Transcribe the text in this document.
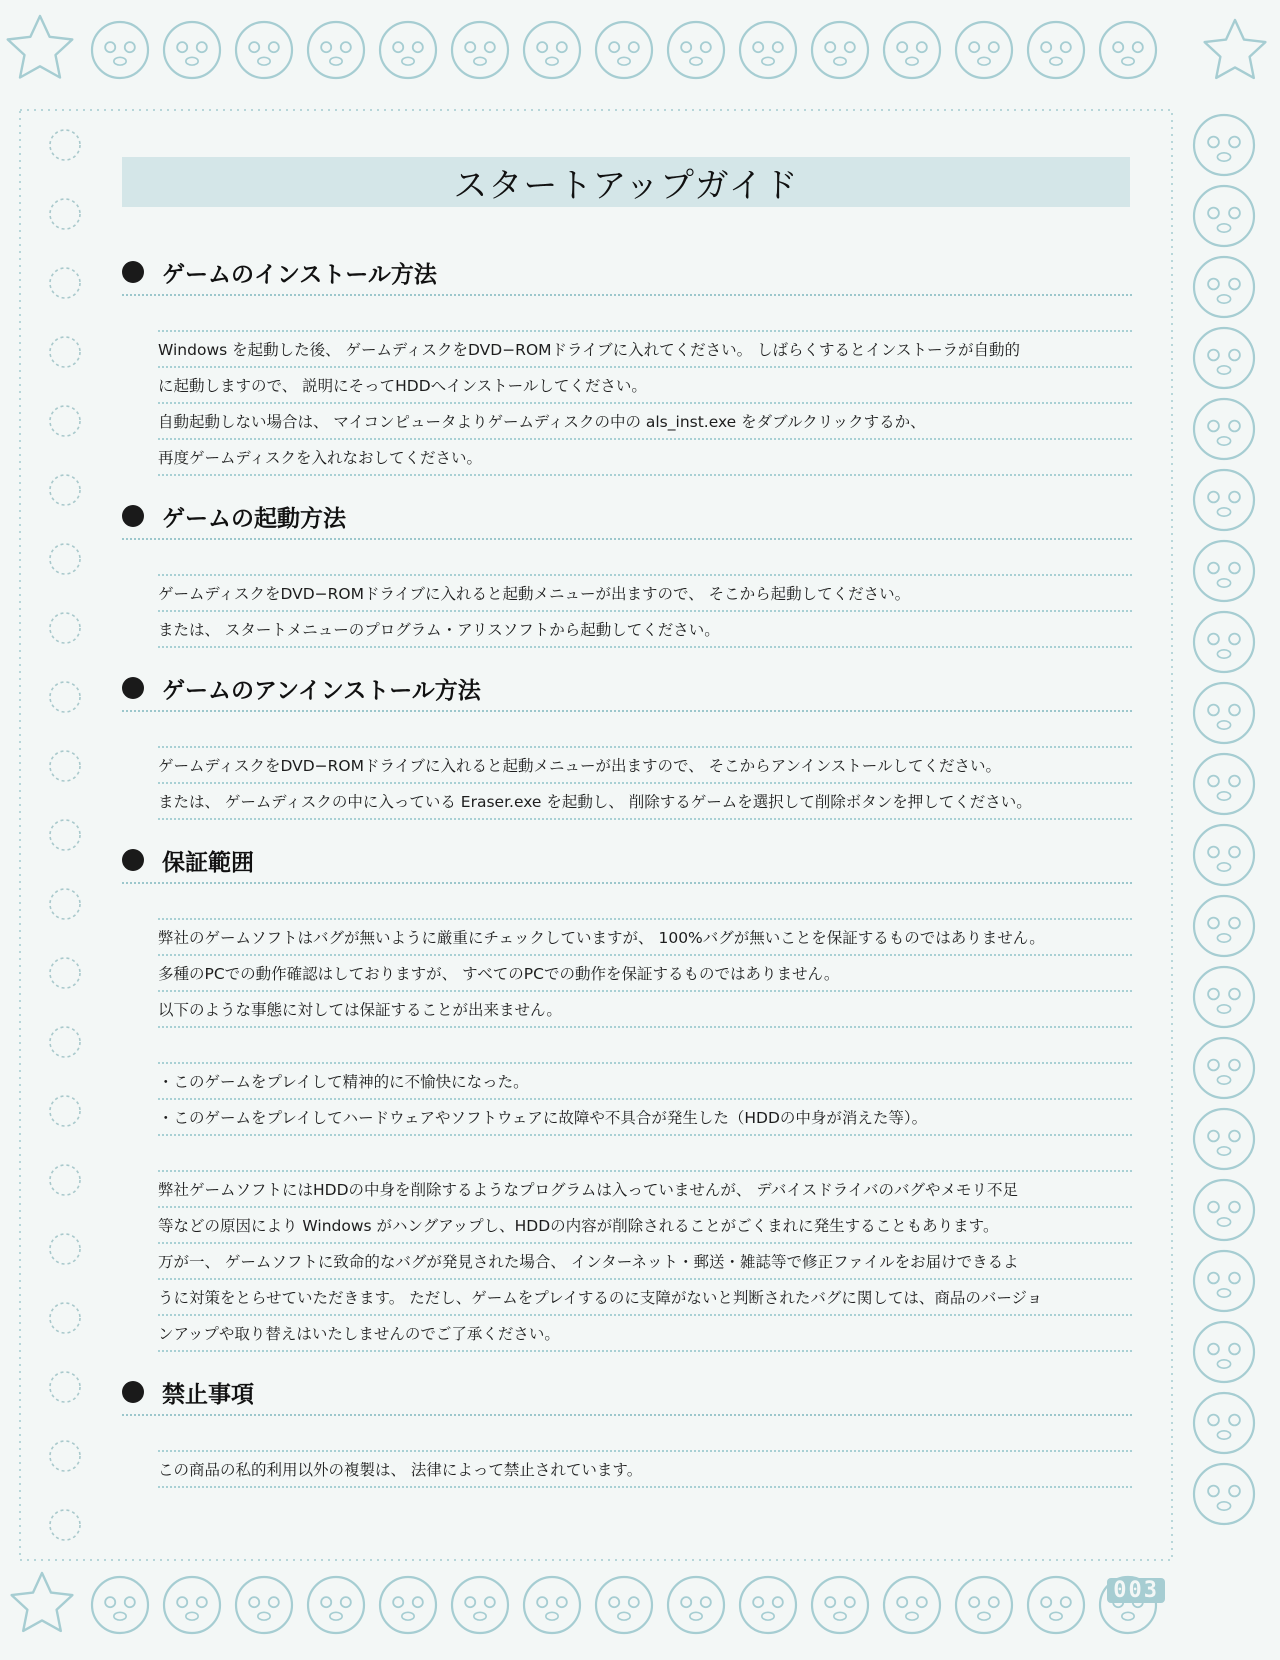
スタートアップガイド
ゲームのインストール方法
Windows を起動した後、 ゲームディスクをDVD−ROMドライブに入れてください。 しばらくするとインストーラが自動的
に起動しますので、 説明にそってHDDへインストールしてください。
自動起動しない場合は、 マイコンピュータよりゲームディスクの中の als_inst.exe をダブルクリックするか、
再度ゲームディスクを入れなおしてください。
ゲームの起動方法
ゲームディスクをDVD−ROMドライブに入れると起動メニューが出ますので、 そこから起動してください。
または、 スタートメニューのプログラム・アリスソフトから起動してください。
ゲームのアンインストール方法
ゲームディスクをDVD−ROMドライブに入れると起動メニューが出ますので、 そこからアンインストールしてください。
または、 ゲームディスクの中に入っている Eraser.exe を起動し、 削除するゲームを選択して削除ボタンを押してください。
保証範囲
弊社のゲームソフトはバグが無いように厳重にチェックしていますが、 100%バグが無いことを保証するものではありません。
多種のPCでの動作確認はしておりますが、 すべてのPCでの動作を保証するものではありません。
以下のような事態に対しては保証することが出来ません。
・このゲームをプレイして精神的に不愉快になった。
・このゲームをプレイしてハードウェアやソフトウェアに故障や不具合が発生した（HDDの中身が消えた等）。
弊社ゲームソフトにはHDDの中身を削除するようなプログラムは入っていませんが、 デバイスドライバのバグやメモリ不足
等などの原因により Windows がハングアップし、HDDの内容が削除されることがごくまれに発生することもあります。
万が一、 ゲームソフトに致命的なバグが発見された場合、 インターネット・郵送・雑誌等で修正ファイルをお届けできるよ
うに対策をとらせていただきます。 ただし、ゲームをプレイするのに支障がないと判断されたバグに関しては、商品のバージョ
ンアップや取り替えはいたしませんのでご了承ください。
禁止事項
この商品の私的利用以外の複製は、 法律によって禁止されています。
003
